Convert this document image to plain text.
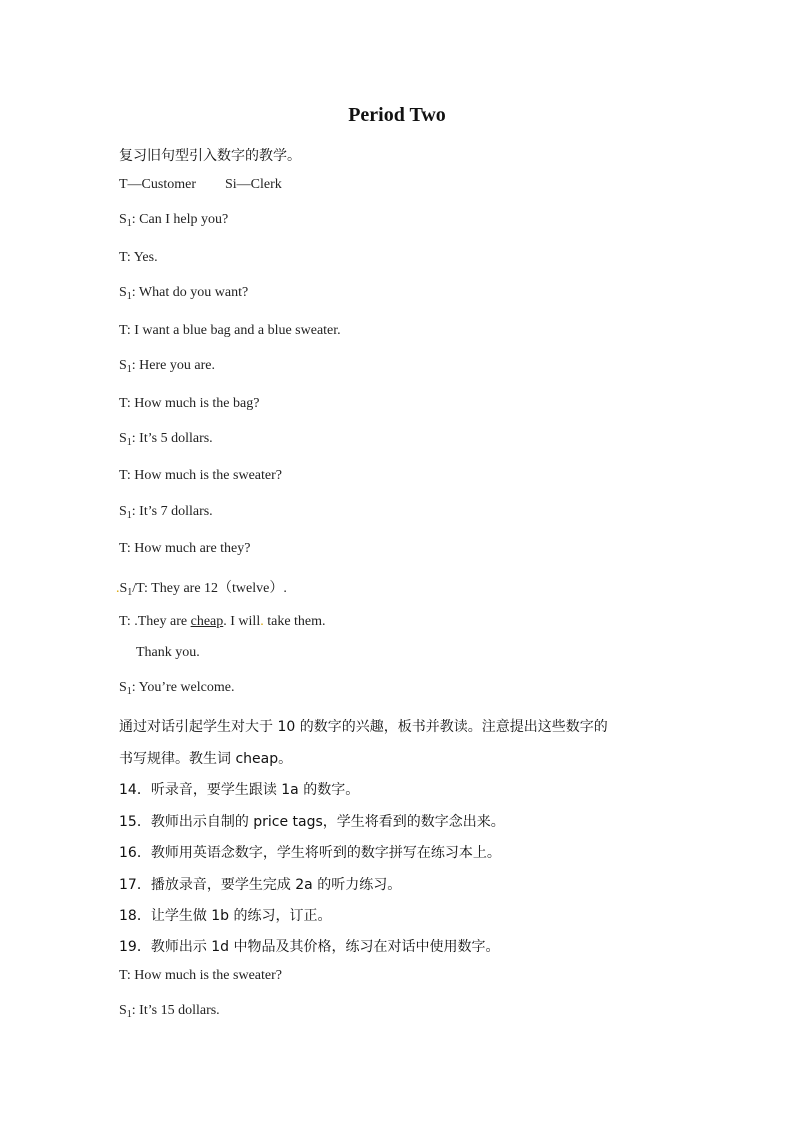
Period Two
复习旧句型引入数字的教学。
T—Customer Si—Clerk
$S_1$: Can I help you?
T: Yes.
$S_1$: What do you want?
T: I want a blue bag and a blue sweater.
$S_1$: Here you are.
T: How much is the bag?
$S_1$: It’s 5 dollars.
T: How much is the sweater?
$S_1$: It’s 7 dollars.
T: How much are they?
$.S_1/T$: They are 12（twelve）.
T: .They are cheap. I will. take them.
Thank you.
$S_1$: You’re welcome.
通过对话引起学生对大于 10 的数字的兴趣，板书并教读。注意提出这些数字的
书写规律。教生词 cheap。
14．听录音，要学生跟读 1a 的数字。
15．教师出示自制的 price tags，学生将看到的数字念出来。
16．教师用英语念数字，学生将听到的数字拼写在练习本上。
17．播放录音，要学生完成 2a 的听力练习。
18．让学生做 1b 的练习，订正。
19．教师出示 1d 中物品及其价格，练习在对话中使用数字。
T: How much is the sweater?
$S_1$: It’s 15 dollars.
